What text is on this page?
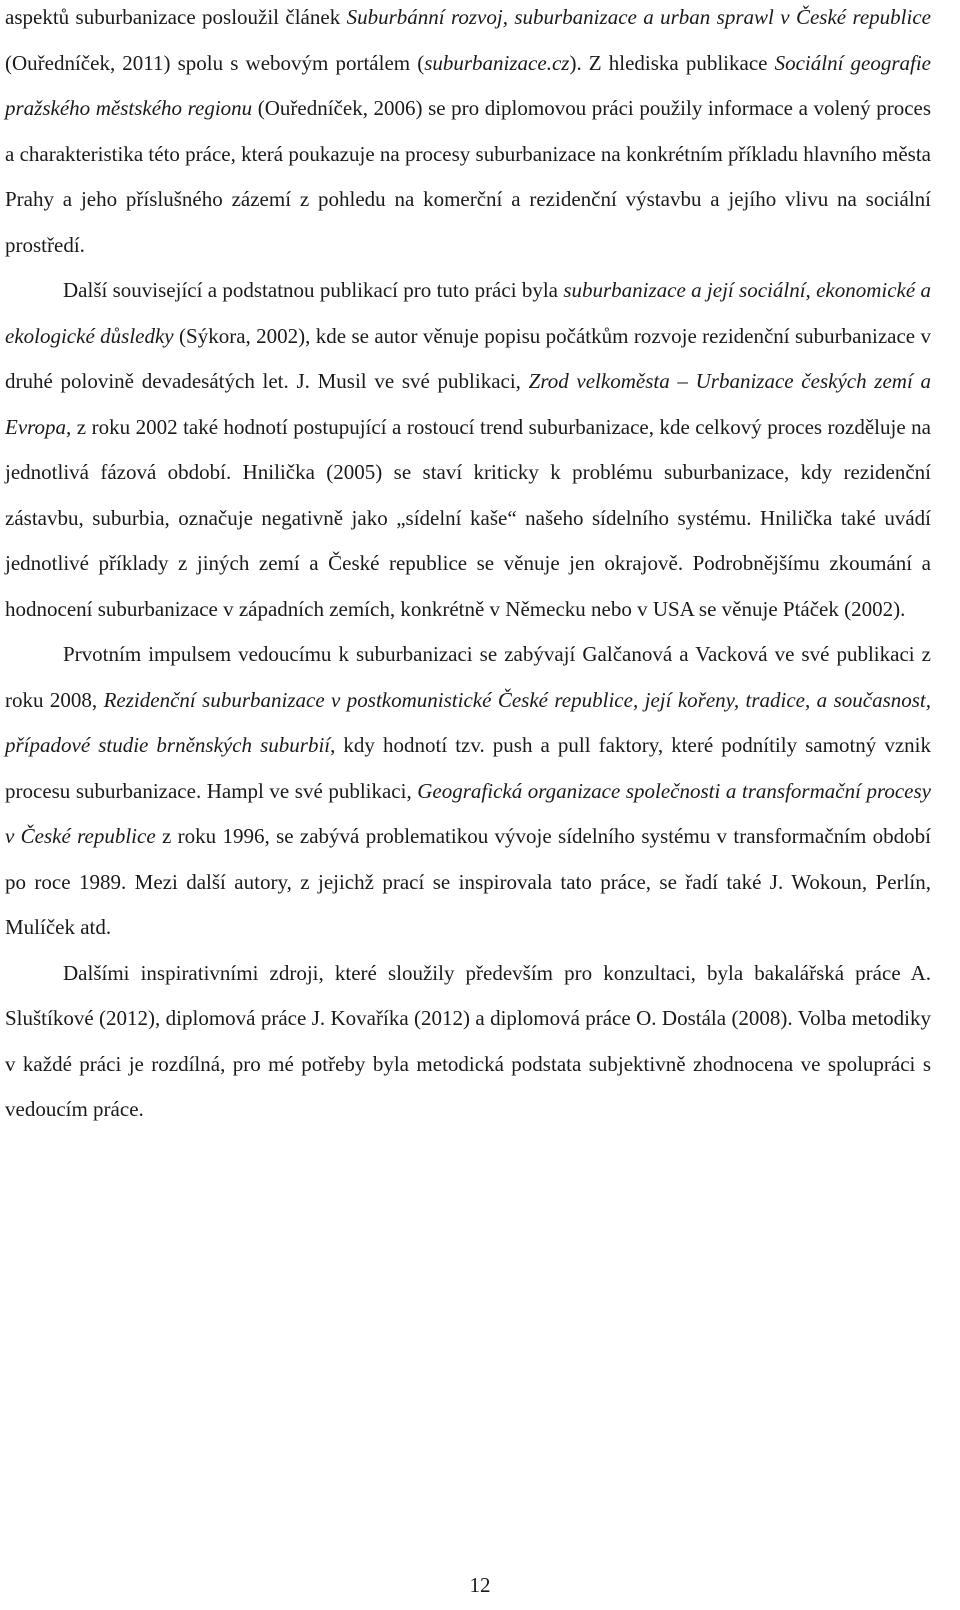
aspektů suburbanizace posloužil článek Suburbánní rozvoj, suburbanizace a urban sprawl v České republice (Ouředníček, 2011) spolu s webovým portálem (suburbanizace.cz). Z hlediska publikace Sociální geografie pražského městského regionu (Ouředníček, 2006) se pro diplomovou práci použily informace a volený proces a charakteristika této práce, která poukazuje na procesy suburbanizace na konkrétním příkladu hlavního města Prahy a jeho příslušného zázemí z pohledu na komerční a rezidenční výstavbu a jejího vlivu na sociální prostředí.

Další související a podstatnou publikací pro tuto práci byla suburbanizace a její sociální, ekonomické a ekologické důsledky (Sýkora, 2002), kde se autor věnuje popisu počátkům rozvoje rezidenční suburbanizace v druhé polovině devadesátých let. J. Musil ve své publikaci, Zrod velkoměsta – Urbanizace českých zemí a Evropa, z roku 2002 také hodnotí postupující a rostoucí trend suburbanizace, kde celkový proces rozděluje na jednotlivá fázová období. Hnilička (2005) se staví kriticky k problému suburbanizace, kdy rezidenční zástavbu, suburbia, označuje negativně jako „sídelní kaše“ našeho sídelního systému. Hnilička také uvádí jednotlivé příklady z jiných zemí a České republice se věnuje jen okrajově. Podrobnějšímu zkoumání a hodnocení suburbanizace v západních zemích, konkrétně v Německu nebo v USA se věnuje Ptáček (2002).

Prvotním impulsem vedoucímu k suburbanizaci se zabývají Galčanová a Vacková ve své publikaci z roku 2008, Rezidenční suburbanizace v postkomunistické České republice, její kořeny, tradice, a současnost, případové studie brněnských suburbií, kdy hodnotí tzv. push a pull faktory, které podnítily samotný vznik procesu suburbanizace. Hampl ve své publikaci, Geografická organizace společnosti a transformační procesy v České republice z roku 1996, se zabývá problematikou vývoje sídelního systému v transformačním období po roce 1989. Mezi další autory, z jejichž prací se inspirovala tato práce, se řadí také J. Wokoun, Perlín, Mulíček atd.

Dalšími inspirativními zdroji, které sloužily především pro konzultaci, byla bakalářská práce A. Sluštíkové (2012), diplomová práce J. Kovaříka (2012) a diplomová práce O. Dostála (2008). Volba metodiky v každé práci je rozdílná, pro mé potřeby byla metodická podstata subjektivně zhodnocena ve spolupráci s vedoucím práce.

12
